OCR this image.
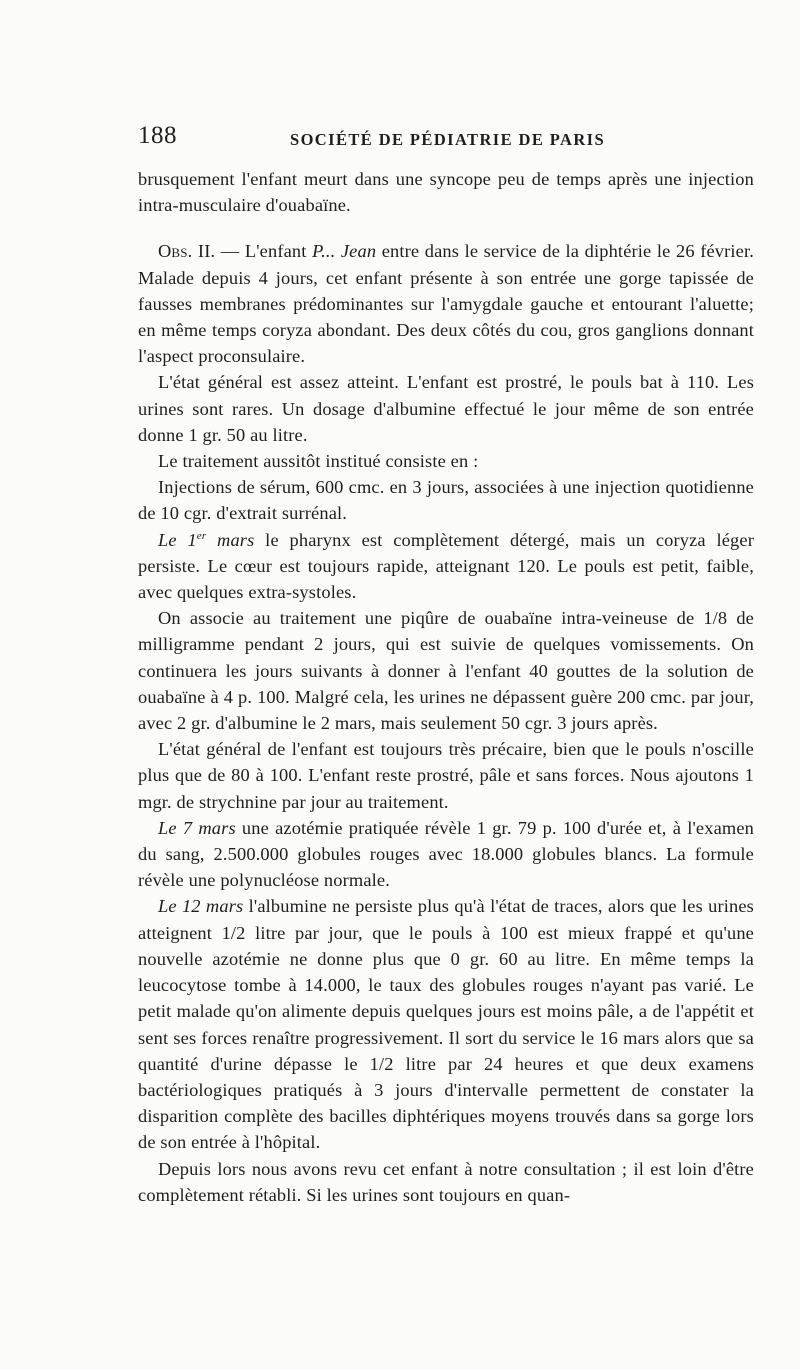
188	SOCIÉTÉ DE PÉDIATRIE DE PARIS

brusquement l'enfant meurt dans une syncope peu de temps après une injection intra-musculaire d'ouabaïne.

Obs. II. — L'enfant P... Jean entre dans le service de la diphtérie le 26 février. Malade depuis 4 jours, cet enfant présente à son entrée une gorge tapissée de fausses membranes prédominantes sur l'amygdale gauche et entourant l'aluette; en même temps coryza abondant. Des deux côtés du cou, gros ganglions donnant l'aspect proconsulaire.

L'état général est assez atteint. L'enfant est prostré, le pouls bat à 110. Les urines sont rares. Un dosage d'albumine effectué le jour même de son entrée donne 1 gr. 50 au litre.

Le traitement aussitôt institué consiste en :

Injections de sérum, 600 cmc. en 3 jours, associées à une injection quotidienne de 10 cgr. d'extrait surrénal.

Le 1er mars le pharynx est complètement détergé, mais un coryza léger persiste. Le cœur est toujours rapide, atteignant 120. Le pouls est petit, faible, avec quelques extra-systoles.

On associe au traitement une piqûre de ouabaïne intra-veineuse de 1/8 de milligramme pendant 2 jours, qui est suivie de quelques vomissements. On continuera les jours suivants à donner à l'enfant 40 gouttes de la solution de ouabaïne à 4 p. 100. Malgré cela, les urines ne dépassent guère 200 cmc. par jour, avec 2 gr. d'albumine le 2 mars, mais seulement 50 cgr. 3 jours après.

L'état général de l'enfant est toujours très précaire, bien que le pouls n'oscille plus que de 80 à 100. L'enfant reste prostré, pâle et sans forces. Nous ajoutons 1 mgr. de strychnine par jour au traitement.

Le 7 mars une azotémie pratiquée révèle 1 gr. 79 p. 100 d'urée et, à l'examen du sang, 2.500.000 globules rouges avec 18.000 globules blancs. La formule révèle une polynucléose normale.

Le 12 mars l'albumine ne persiste plus qu'à l'état de traces, alors que les urines atteignent 1/2 litre par jour, que le pouls à 100 est mieux frappé et qu'une nouvelle azotémie ne donne plus que 0 gr. 60 au litre. En même temps la leucocytose tombe à 14.000, le taux des globules rouges n'ayant pas varié. Le petit malade qu'on alimente depuis quelques jours est moins pâle, a de l'appétit et sent ses forces renaître progressivement. Il sort du service le 16 mars alors que sa quantité d'urine dépasse le 1/2 litre par 24 heures et que deux examens bactériologiques pratiqués à 3 jours d'intervalle permettent de constater la disparition complète des bacilles diphtériques moyens trouvés dans sa gorge lors de son entrée à l'hôpital.

Depuis lors nous avons revu cet enfant à notre consultation ; il est loin d'être complètement rétabli. Si les urines sont toujours en quan-
